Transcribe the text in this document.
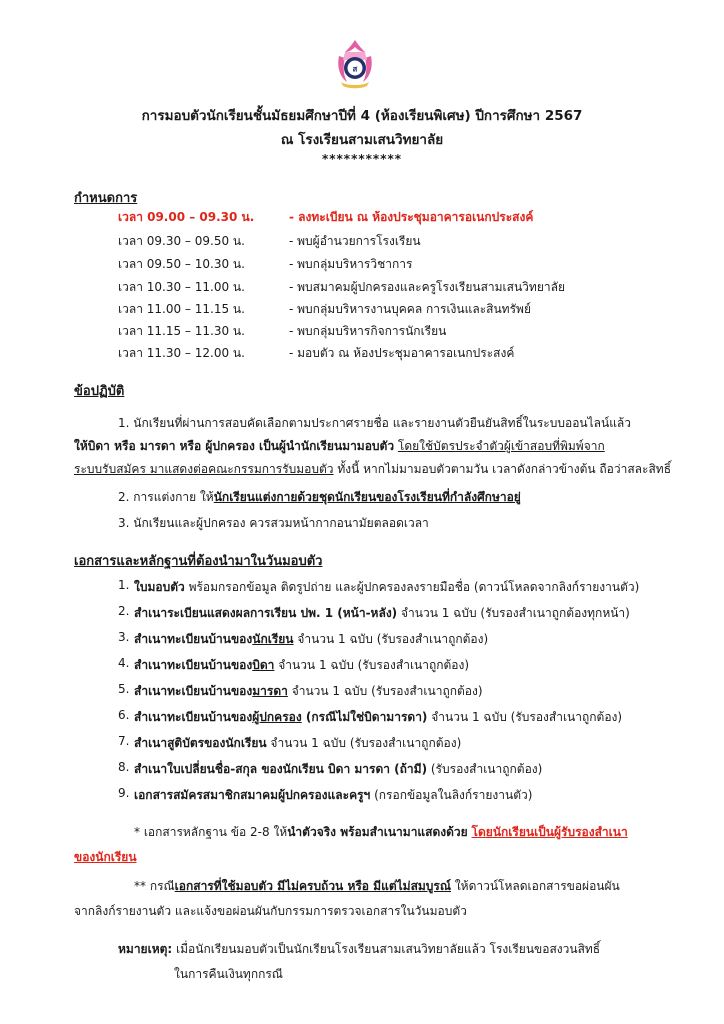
ส
การมอบตัวนักเรียนชั้นมัธยมศึกษาปีที่ 4 (ห้องเรียนพิเศษ) ปีการศึกษา 2567
ณ โรงเรียนสามเสนวิทยาลัย
***********
กำหนดการ
เวลา 09.00 – 09.30 น.	- ลงทะเบียน ณ ห้องประชุมอาคารอเนกประสงค์
เวลา 09.30 – 09.50 น.	- พบผู้อำนวยการโรงเรียน
เวลา 09.50 – 10.30 น.	- พบกลุ่มบริหารวิชาการ
เวลา 10.30 – 11.00 น.	- พบสมาคมผู้ปกครองและครูโรงเรียนสามเสนวิทยาลัย
เวลา 11.00 – 11.15 น.	- พบกลุ่มบริหารงานบุคคล การเงินและสินทรัพย์
เวลา 11.15 – 11.30 น.	- พบกลุ่มบริหารกิจการนักเรียน
เวลา 11.30 – 12.00 น.	- มอบตัว ณ ห้องประชุมอาคารอเนกประสงค์
ข้อปฏิบัติ
1. นักเรียนที่ผ่านการสอบคัดเลือกตามประกาศรายชื่อ และรายงานตัวยืนยันสิทธิ์ในระบบออนไลน์แล้ว
ให้บิดา หรือ มารดา หรือ ผู้ปกครอง เป็นผู้นำนักเรียนมามอบตัว โดยใช้บัตรประจำตัวผู้เข้าสอบที่พิมพ์จาก
ระบบรับสมัคร มาแสดงต่อคณะกรรมการรับมอบตัว ทั้งนี้ หากไม่มามอบตัวตามวัน เวลาดังกล่าวข้างต้น ถือว่าสละสิทธิ์
2. การแต่งกาย ให้นักเรียนแต่งกายด้วยชุดนักเรียนของโรงเรียนที่กำลังศึกษาอยู่
3. นักเรียนและผู้ปกครอง ควรสวมหน้ากากอนามัยตลอดเวลา
เอกสารและหลักฐานที่ต้องนำมาในวันมอบตัว
1. ใบมอบตัว พร้อมกรอกข้อมูล ติดรูปถ่าย และผู้ปกครองลงรายมือชื่อ (ดาวน์โหลดจากลิงก์รายงานตัว)
2. สำเนาระเบียนแสดงผลการเรียน ปพ. 1 (หน้า-หลัง) จำนวน 1 ฉบับ (รับรองสำเนาถูกต้องทุกหน้า)
3. สำเนาทะเบียนบ้านของนักเรียน จำนวน 1 ฉบับ (รับรองสำเนาถูกต้อง)
4. สำเนาทะเบียนบ้านของบิดา จำนวน 1 ฉบับ (รับรองสำเนาถูกต้อง)
5. สำเนาทะเบียนบ้านของมารดา จำนวน 1 ฉบับ (รับรองสำเนาถูกต้อง)
6. สำเนาทะเบียนบ้านของผู้ปกครอง (กรณีไม่ใช่บิดามารดา) จำนวน 1 ฉบับ (รับรองสำเนาถูกต้อง)
7. สำเนาสูติบัตรของนักเรียน จำนวน 1 ฉบับ (รับรองสำเนาถูกต้อง)
8. สำเนาใบเปลี่ยนชื่อ-สกุล ของนักเรียน บิดา มารดา (ถ้ามี) (รับรองสำเนาถูกต้อง)
9. เอกสารสมัครสมาชิกสมาคมผู้ปกครองและครูฯ (กรอกข้อมูลในลิงก์รายงานตัว)
* เอกสารหลักฐาน ข้อ 2-8 ให้นำตัวจริง พร้อมสำเนามาแสดงด้วย โดยนักเรียนเป็นผู้รับรองสำเนา
ของนักเรียน
** กรณีเอกสารที่ใช้มอบตัว มีไม่ครบถ้วน หรือ มีแต่ไม่สมบูรณ์ ให้ดาวน์โหลดเอกสารขอผ่อนผัน
จากลิงก์รายงานตัว และแจ้งขอผ่อนผันกับกรรมการตรวจเอกสารในวันมอบตัว
หมายเหตุ: เมื่อนักเรียนมอบตัวเป็นนักเรียนโรงเรียนสามเสนวิทยาลัยแล้ว โรงเรียนขอสงวนสิทธิ์
ในการคืนเงินทุกกรณี
